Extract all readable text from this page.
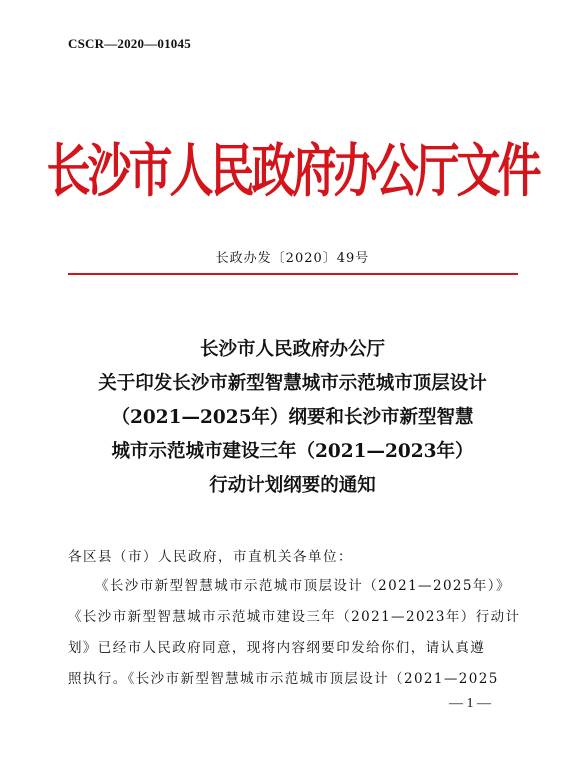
CSCR—2020—01045
长沙市人民政府办公厅文件
长政办发〔2020〕49号
长沙市人民政府办公厅
关于印发长沙市新型智慧城市示范城市顶层设计
（2021—2025年）纲要和长沙市新型智慧
城市示范城市建设三年（2021—2023年）
行动计划纲要的通知
各区县（市）人民政府，市直机关各单位：
《长沙市新型智慧城市示范城市顶层设计（2021—2025年）》
《长沙市新型智慧城市示范城市建设三年（2021—2023年）行动计
划》已经市人民政府同意，现将内容纲要印发给你们，请认真遵
照执行。《长沙市新型智慧城市示范城市顶层设计（2021—2025
— 1 —
